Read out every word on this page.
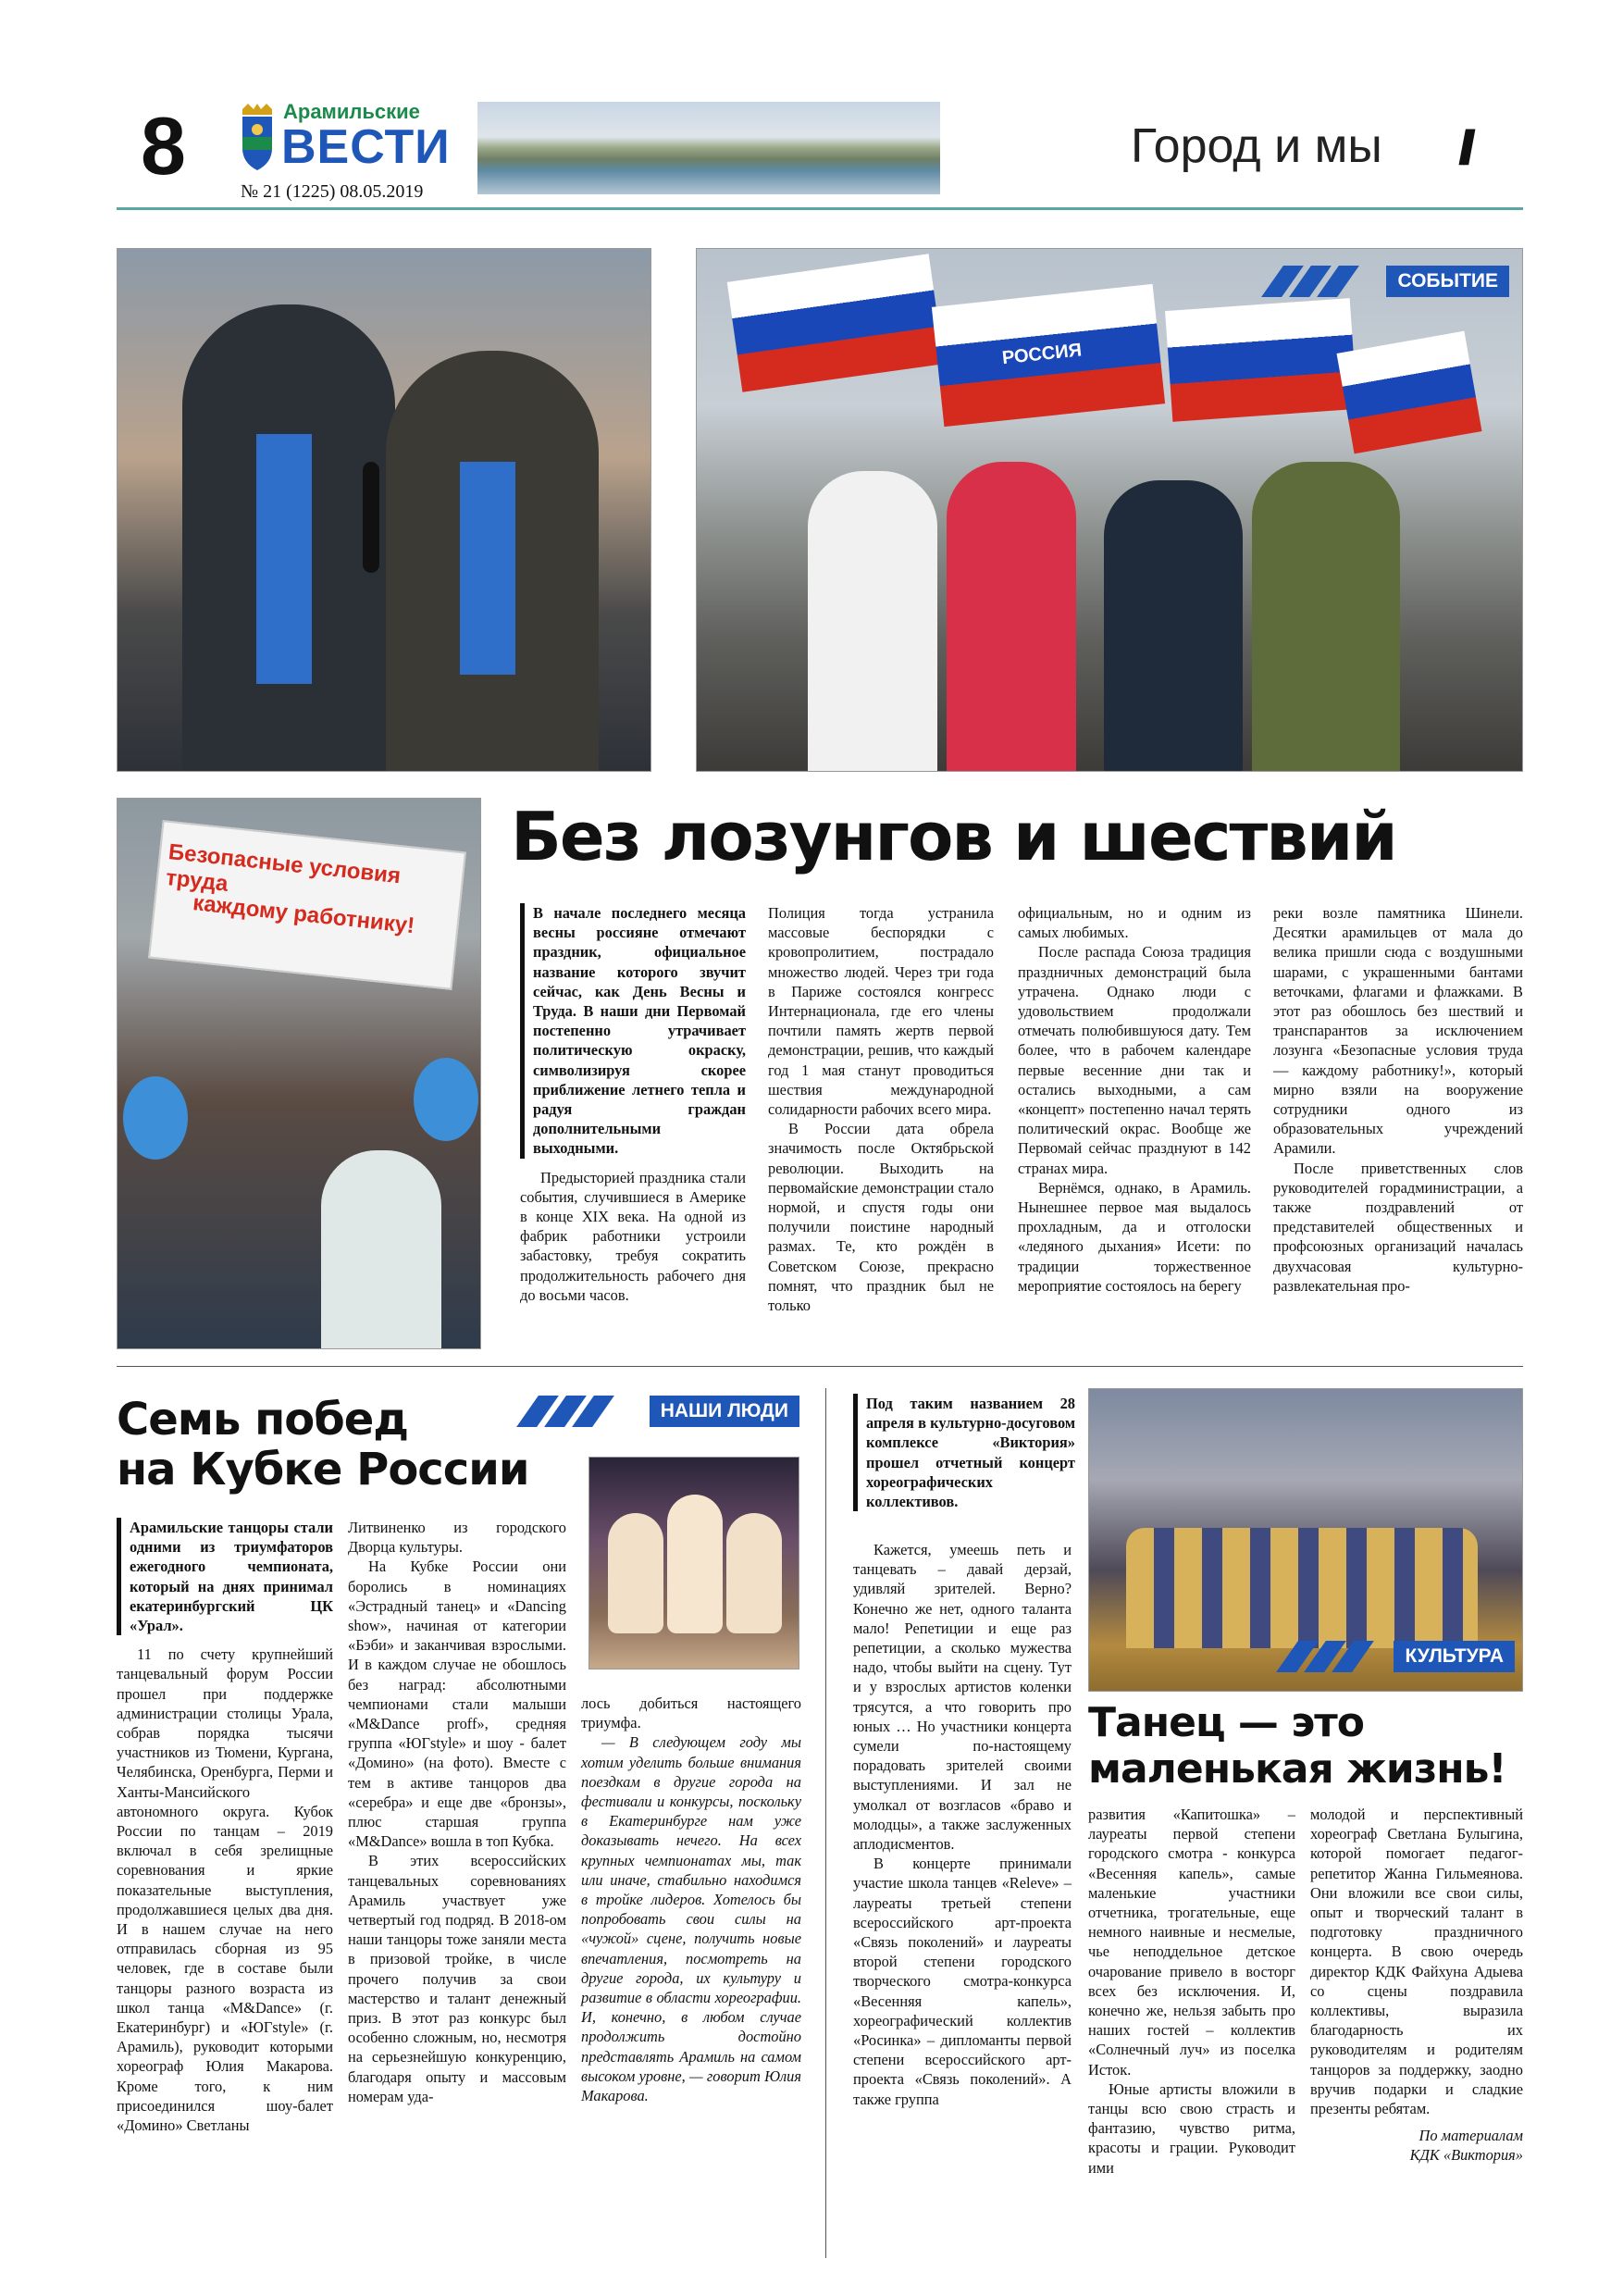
8	Арамильские
ВЕСТИ
№ 21 (1225) 08.05.2019
Город и мы //
РОССИЯ
СОБЫТИЕ
Безопасные условия труда
каждому работнику!
Без лозунгов и шествий

В начале последнего месяца весны россияне отмечают праздник, официальное название которого звучит сейчас, как День Весны и Труда. В наши дни Первомай постепенно утрачивает политическую окраску, символизируя скорее приближение летнего тепла и радуя граждан дополнительными выходными.

Предысторией праздника стали события, случившиеся в Америке в конце XIX века. На одной из фабрик работники устроили забастовку, требуя сократить продолжительность рабочего дня до восьми часов.

Полиция тогда устранила массовые беспорядки с кровопролитием, пострадало множество людей. Через три года в Париже состоялся конгресс Интернационала, где его члены почтили память жертв первой демонстрации, решив, что каждый год 1 мая станут проводиться шествия международной солидарности рабочих всего мира.

В России дата обрела значимость после Октябрьской революции. Выходить на первомайские демонстрации стало нормой, и спустя годы они получили поистине народный размах. Те, кто рождён в Советском Союзе, прекрасно помнят, что праздник был не только

официальным, но и одним из самых любимых.

После распада Союза традиция праздничных демонстраций была утрачена. Однако люди с удовольствием продолжали отмечать полюбившуюся дату. Тем более, что в рабочем календаре первые весенние дни так и остались выходными, а сам «концепт» постепенно начал терять политический окрас. Вообще же Первомай сейчас празднуют в 142 странах мира.

Вернёмся, однако, в Арамиль. Нынешнее первое мая выдалось прохладным, да и отголоски «ледяного дыхания» Исети: по традиции торжественное мероприятие состоялось на берегу

реки возле памятника Шинели. Десятки арамильцев от мала до велика пришли сюда с воздушными шарами, с украшенными бантами веточками, флагами и флажками. В этот раз обошлось без шествий и транспарантов за исключением лозунга «Безопасные условия труда — каждому работнику!», который мирно взяли на вооружение сотрудники одного из образовательных учреждений Арамили.

После приветственных слов руководителей горадминистрации, а также поздравлений от представителей общественных и профсоюзных организаций началась двухчасовая культурно-развлекательная про-

Семь побед
на Кубке России
НАШИ ЛЮДИ

Арамильские танцоры стали одними из триумфаторов ежегодного чемпионата, который на днях принимал екатеринбургский ЦК «Урал».

11 по счету крупнейший танцевальный форум России прошел при поддержке администрации столицы Урала, собрав порядка тысячи участников из Тюмени, Кургана, Челябинска, Оренбурга, Перми и Ханты-Мансийского автономного округа. Кубок России по танцам – 2019 включал в себя зрелищные соревнования и яркие показательные выступления, продолжавшиеся целых два дня. И в нашем случае на него отправилась сборная из 95 человек, где в составе были танцоры разного возраста из школ танца «M&Dance» (г. Екатеринбург) и «ЮГstyle» (г. Арамиль), руководит которыми хореограф Юлия Макарова. Кроме того, к ним присоединился шоу-балет «Домино» Светланы

Литвиненко из городского Дворца культуры.

На Кубке России они боролись в номинациях «Эстрадный танец» и «Dancing show», начиная от категории «Бэби» и заканчивая взрослыми. И в каждом случае не обошлось без наград: абсолютными чемпионами стали малыши «M&Dance proff», средняя группа «ЮГstyle» и шоу - балет «Домино» (на фото). Вместе с тем в активе танцоров два «серебра» и еще две «бронзы», плюс старшая группа «M&Dance» вошла в топ Кубка.

В этих всероссийских танцевальных соревнованиях Арамиль участвует уже четвертый год подряд. В 2018-ом наши танцоры тоже заняли места в призовой тройке, в числе прочего получив за свои мастерство и талант денежный приз. В этот раз конкурс был особенно сложным, но, несмотря на серьезнейшую конкуренцию, благодаря опыту и массовым номерам уда-

лось добиться настоящего триумфа.

— В следующем году мы хотим уделить больше внимания поездкам в другие города на фестивали и конкурсы, поскольку в Екатеринбурге нам уже доказывать нечего. На всех крупных чемпионатах мы, так или иначе, стабильно находимся в тройке лидеров. Хотелось бы попробовать свои силы на «чужой» сцене, получить новые впечатления, посмотреть на другие города, их культуру и развитие в области хореографии. И, конечно, в любом случае продолжить достойно представлять Арамиль на самом высоком уровне, — говорит Юлия Макарова.

Под таким названием 28 апреля в культурно-досуговом комплексе «Виктория» прошел отчетный концерт хореографических коллективов.

КУЛЬТУРА
Танец — это
маленькая жизнь!

Кажется, умеешь петь и танцевать – давай дерзай, удивляй зрителей. Верно? Конечно же нет, одного таланта мало! Репетиции и еще раз репетиции, а сколько мужества надо, чтобы выйти на сцену. Тут и у взрослых артистов коленки трясутся, а что говорить про юных … Но участники концерта сумели по-настоящему порадовать зрителей своими выступлениями. И зал не умолкал от возгласов «браво и молодцы», а также заслуженных аплодисментов.

В концерте принимали участие школа танцев «Releve» – лауреаты третьей степени всероссийского арт-проекта «Связь поколений» и лауреаты второй степени городского творческого смотра-конкурса «Весенняя капель», хореографический коллектив «Росинка» – дипломанты первой степени всероссийского арт-проекта «Связь поколений». А также группа

развития «Капитошка» – лауреаты первой степени городского смотра - конкурса «Весенняя капель», самые маленькие участники отчетника, трогательные, еще немного наивные и несмелые, чье неподдельное детское очарование привело в восторг всех без исключения. И, конечно же, нельзя забыть про наших гостей – коллектив «Солнечный луч» из поселка Исток.

Юные артисты вложили в танцы всю свою страсть и фантазию, чувство ритма, красоты и грации. Руководит ими

молодой и перспективный хореограф Светлана Булыгина, которой помогает педагог-репетитор Жанна Гильмеянова. Они вложили все свои силы, опыт и творческий талант в подготовку праздничного концерта. В свою очередь директор КДК Файхуна Адыева со сцены поздравила коллективы, выразила благодарность их руководителям и родителям танцоров за поддержку, заодно вручив подарки и сладкие презенты ребятам.

По материалам

КДК «Виктория»
